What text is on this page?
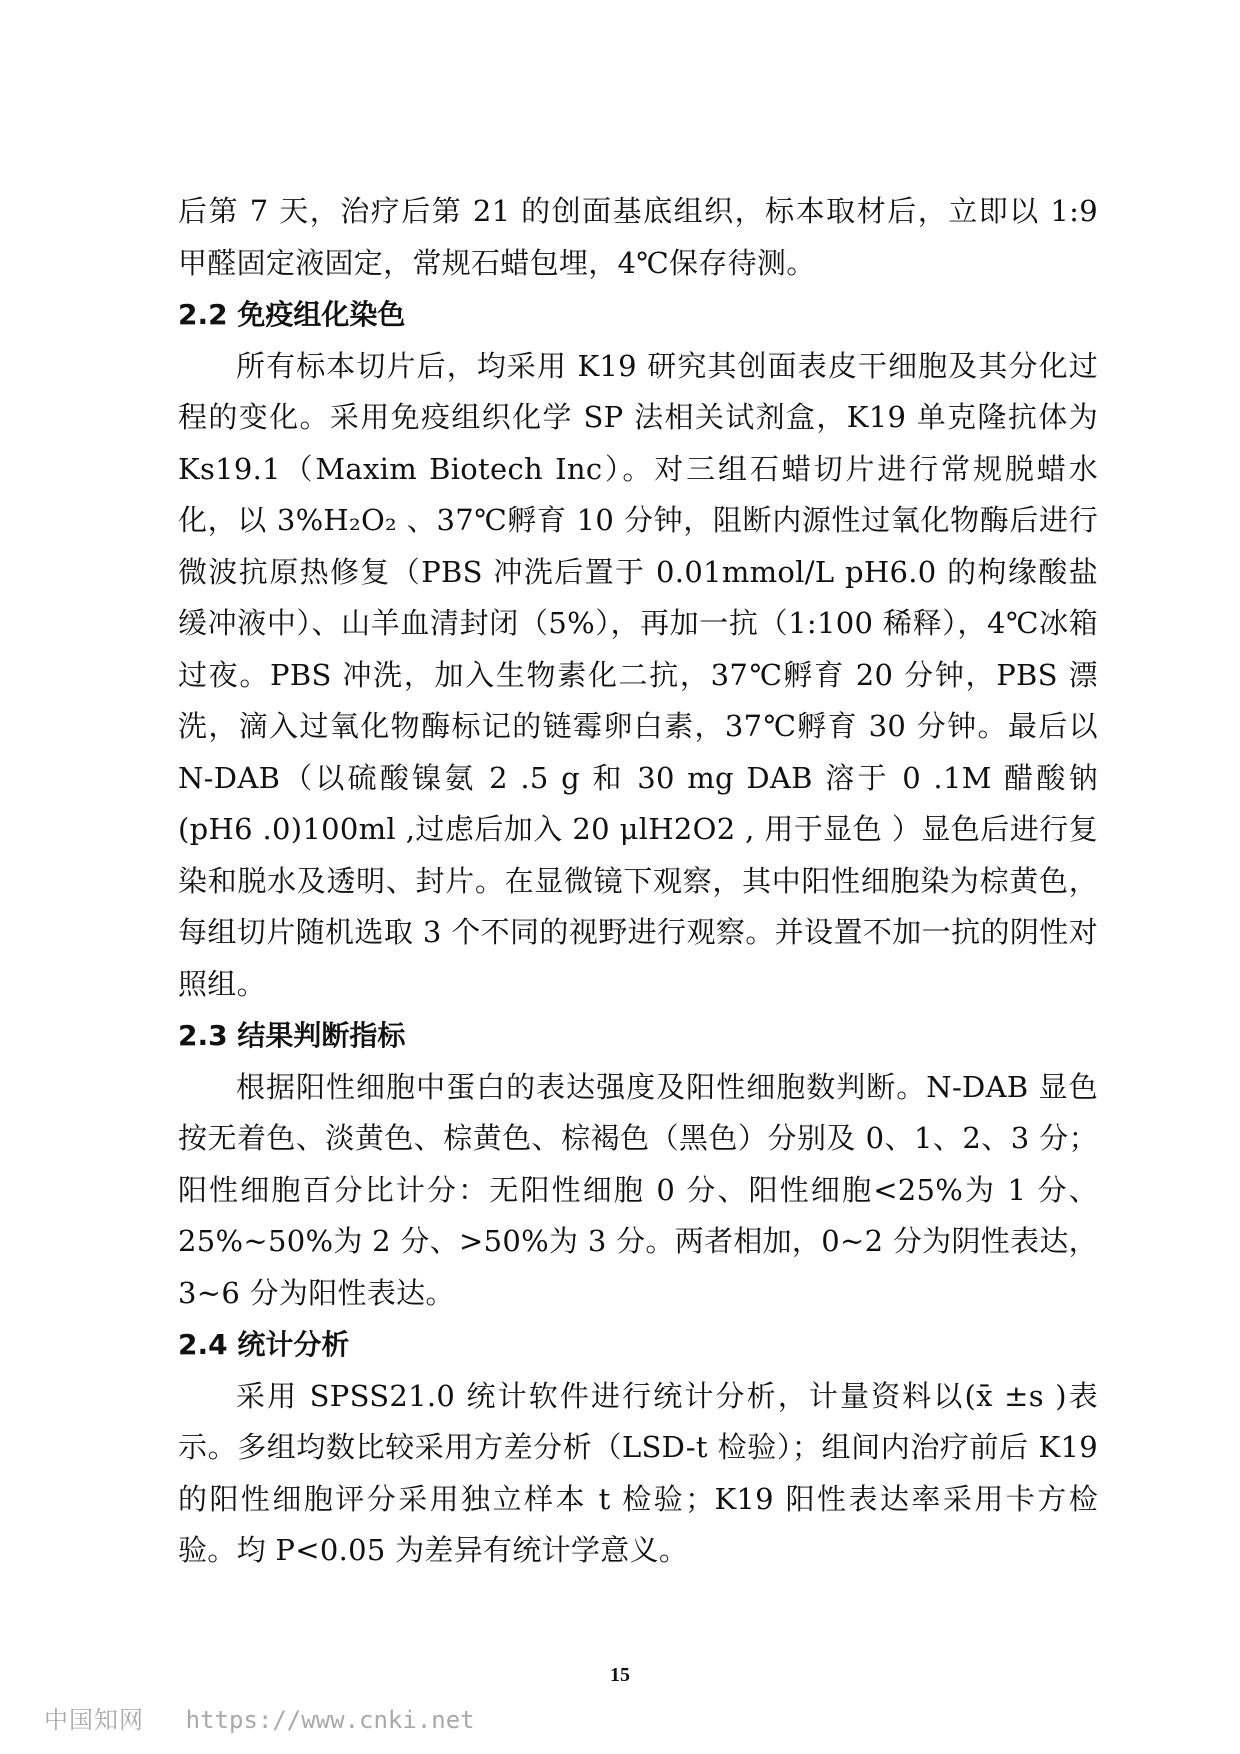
后第 7 天，治疗后第 21 的创面基底组织，标本取材后，立即以 1:9 甲醛固定液固定，常规石蜡包埋，4℃保存待测。

2.2 免疫组化染色

所有标本切片后，均采用 K19 研究其创面表皮干细胞及其分化过程的变化。采用免疫组织化学 SP 法相关试剂盒，K19 单克隆抗体为 Ks19.1（Maxim Biotech Inc）。对三组石蜡切片进行常规脱蜡水化，以 3%H₂O₂ 、37℃孵育 10 分钟，阻断内源性过氧化物酶后进行微波抗原热修复（PBS 冲洗后置于 0.01mmol/L pH6.0 的枸缘酸盐缓冲液中）、山羊血清封闭（5%），再加一抗（1:100 稀释），4℃冰箱过夜。PBS 冲洗，加入生物素化二抗，37℃孵育 20 分钟，PBS 漂洗，滴入过氧化物酶标记的链霉卵白素，37℃孵育 30 分钟。最后以 N-DAB（以硫酸镍氨 2 .5 g 和 30 mg DAB 溶于 0 .1M 醋酸钠(pH6 .0)100ml ,过虑后加入 20 μlH2O2 , 用于显色 ）显色后进行复染和脱水及透明、封片。在显微镜下观察，其中阳性细胞染为棕黄色，每组切片随机选取 3 个不同的视野进行观察。并设置不加一抗的阴性对照组。

2.3 结果判断指标

根据阳性细胞中蛋白的表达强度及阳性细胞数判断。N-DAB 显色按无着色、淡黄色、棕黄色、棕褐色（黑色）分别及 0、1、2、3 分；阳性细胞百分比计分：无阳性细胞 0 分、阳性细胞<25%为 1 分、25%~50%为 2 分、>50%为 3 分。两者相加，0~2 分为阴性表达，3~6 分为阳性表达。

2.4 统计分析

采用 SPSS21.0 统计软件进行统计分析，计量资料以(x̄ ±s )表示。多组均数比较采用方差分析（LSD-t 检验）；组间内治疗前后 K19 的阳性细胞评分采用独立样本 t 检验；K19 阳性表达率采用卡方检验。均 P<0.05 为差异有统计学意义。

15
中国知网 https://www.cnki.net
